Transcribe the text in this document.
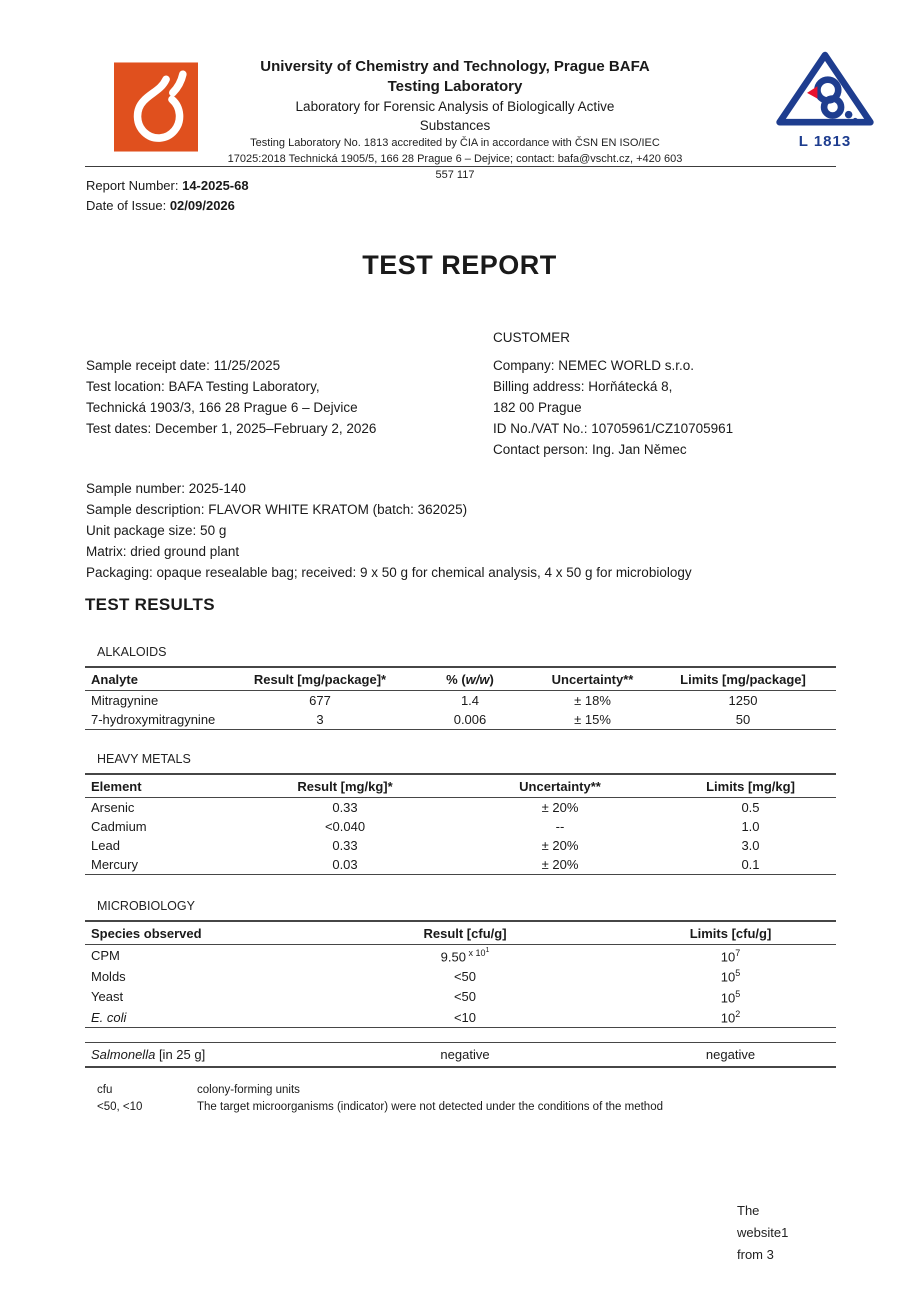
University of Chemistry and Technology, Prague BAFA
Testing Laboratory
Laboratory for Forensic Analysis of Biologically Active
Substances
Testing Laboratory No. 1813 accredited by ČIA in accordance with ČSN EN ISO/IEC
17025:2018 Technická 1905/5, 166 28 Prague 6 – Dejvice; contact: bafa@vscht.cz, +420 603
557 117
L 1813
Report Number: 14-2025-68
Date of Issue: 02/09/2026
TEST REPORT
CUSTOMER
Sample receipt date: 11/25/2025
Test location: BAFA Testing Laboratory,
Technická 1903/3, 166 28 Prague 6 – Dejvice
Test dates: December 1, 2025–February 2, 2026
Company: NEMEC WORLD s.r.o.
Billing address: Horňátecká 8,
182 00 Prague
ID No./VAT No.: 10705961/CZ10705961
Contact person: Ing. Jan Němec
Sample number: 2025-140
Sample description: FLAVOR WHITE KRATOM (batch: 362025)
Unit package size: 50 g
Matrix: dried ground plant
Packaging: opaque resealable bag; received: 9 x 50 g for chemical analysis, 4 x 50 g for microbiology
TEST RESULTS
ALKALOIDS
Analyte	Result [mg/package]*	% (w/w)	Uncertainty**	Limits [mg/package]
Mitragynine	677	1.4	± 18%	1250
7-hydroxymitragynine	3	0.006	± 15%	50
HEAVY METALS
Element	Result [mg/kg]*	Uncertainty**	Limits [mg/kg]
Arsenic	0.33	± 20%	0.5
Cadmium	<0.040	--	1.0
Lead	0.33	± 20%	3.0
Mercury	0.03	± 20%	0.1
MICROBIOLOGY
Species observed	Result [cfu/g]	Limits [cfu/g]
CPM	9.50 $^{x 10^1}$	$10^7$
Molds	<50	$10^5$
Yeast	<50	$10^5$
E. coli	<10	$10^2$
Salmonella [in 25 g]	negative	negative
cfu	colony-forming units
<50, <10	The target microorganisms (indicator) were not detected under the conditions of the method
The
website1
from 3
